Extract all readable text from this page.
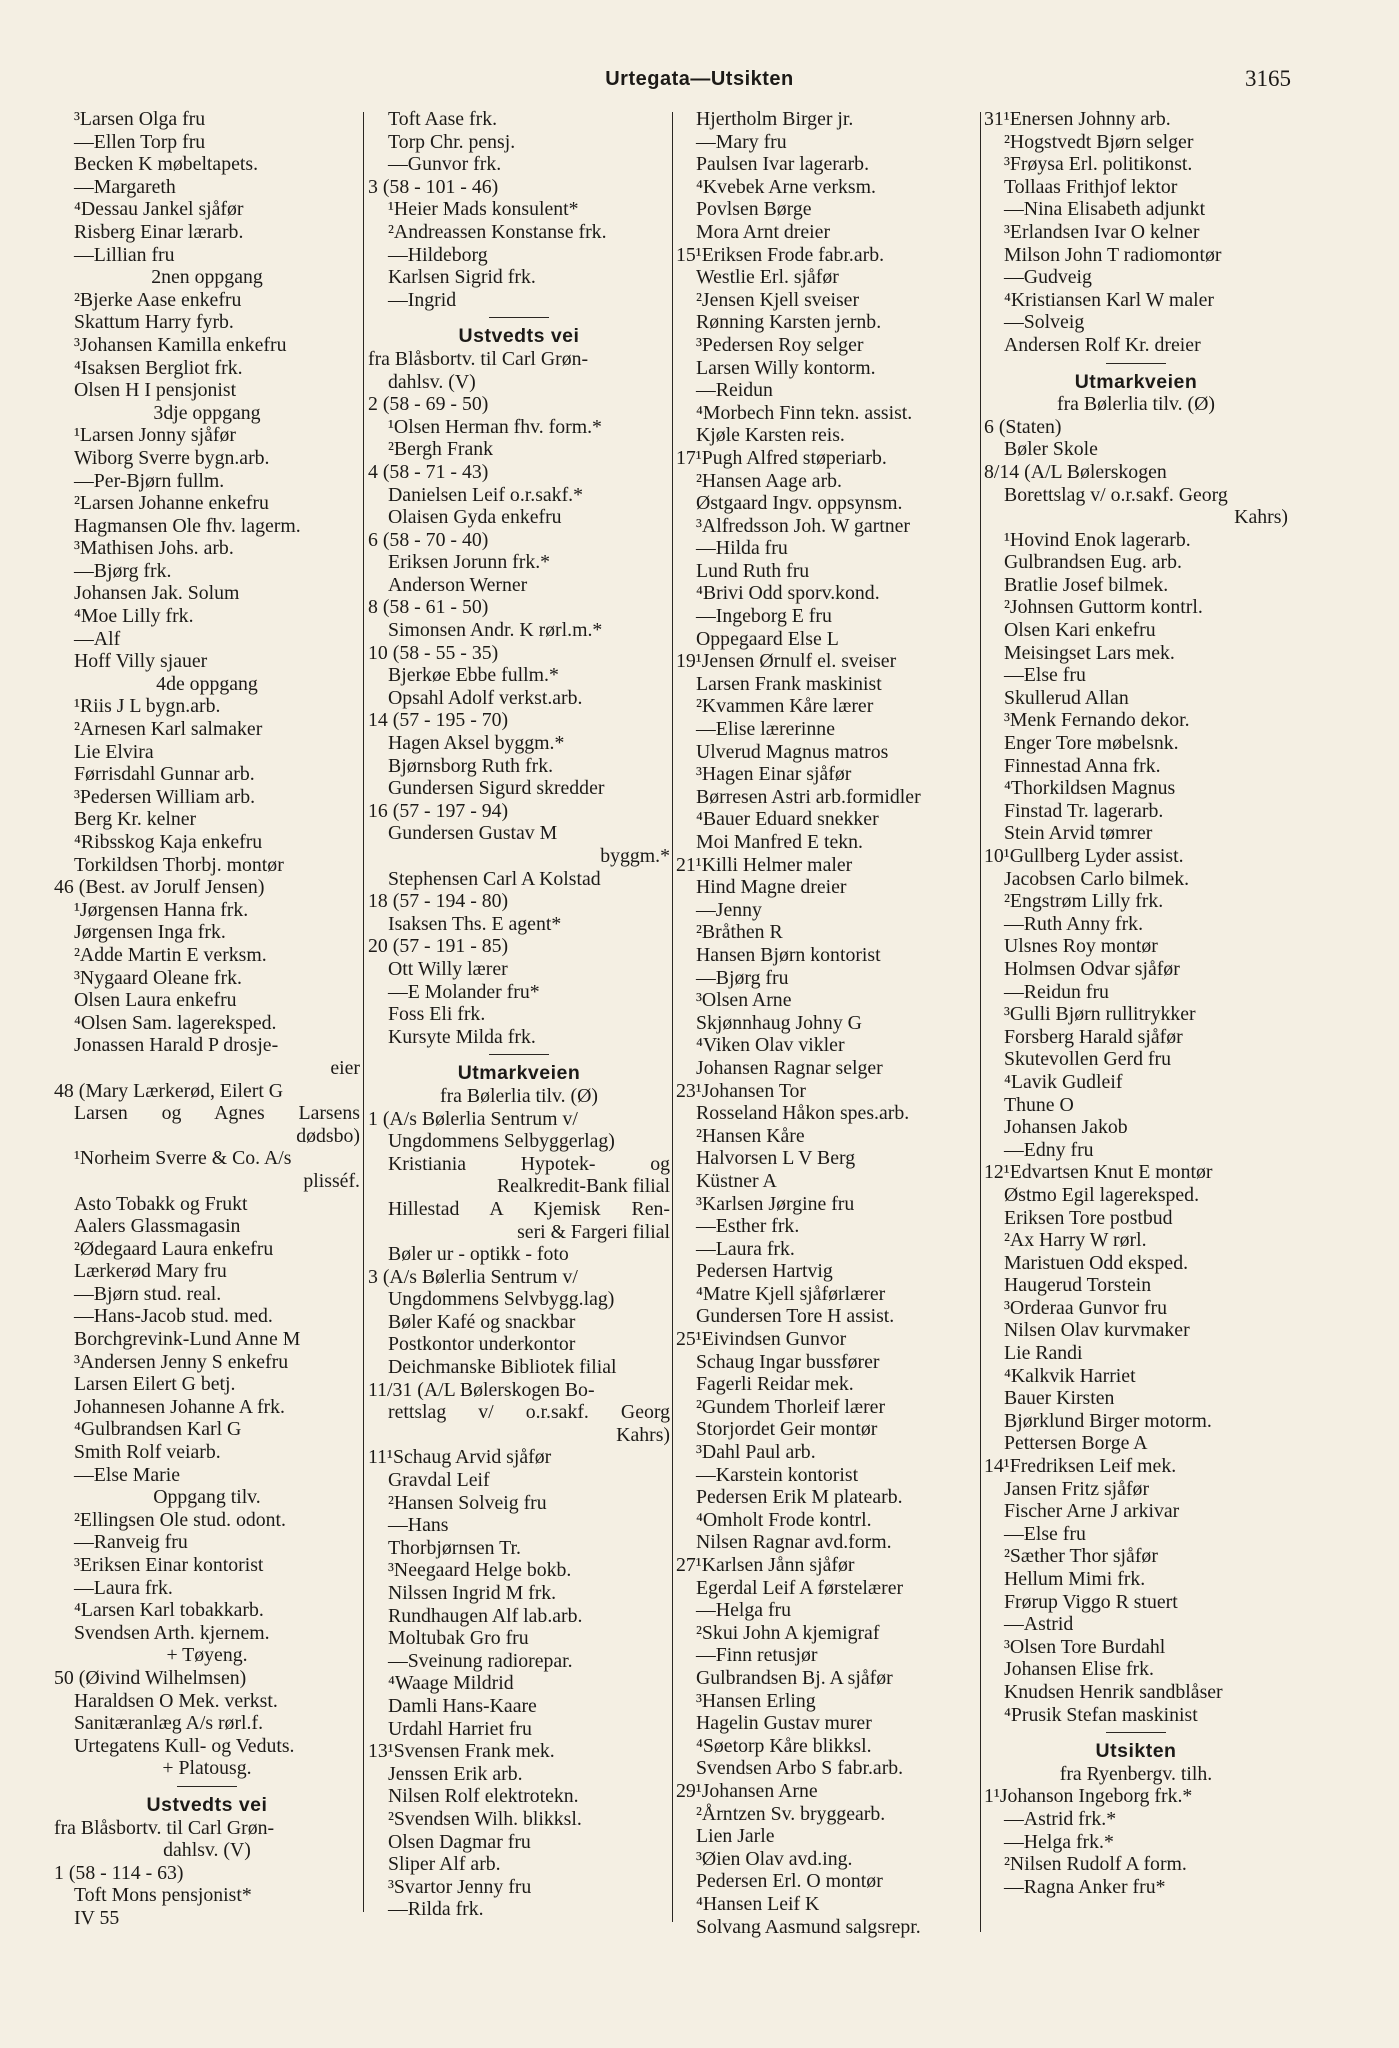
Urtegata—Utsikten	3165
³Larsen Olga fru
—Ellen Torp fru
Becken K møbeltapets.
—Margareth
⁴Dessau Jankel sjåfør
Risberg Einar lærarb.
—Lillian fru
2nen oppgang
²Bjerke Aase enkefru
Skattum Harry fyrb.
³Johansen Kamilla enkefru
⁴Isaksen Bergliot frk.
Olsen H I pensjonist
3dje oppgang
¹Larsen Jonny sjåfør
Wiborg Sverre bygn.arb.
—Per-Bjørn fullm.
²Larsen Johanne enkefru
Hagmansen Ole fhv. lagerm.
³Mathisen Johs. arb.
—Bjørg frk.
Johansen Jak. Solum
⁴Moe Lilly frk.
—Alf
Hoff Villy sjauer
4de oppgang
¹Riis J L bygn.arb.
²Arnesen Karl salmaker
Lie Elvira
Førrisdahl Gunnar arb.
³Pedersen William arb.
Berg Kr. kelner
⁴Ribsskog Kaja enkefru
Torkildsen Thorbj. montør
46 (Best. av Jorulf Jensen)
¹Jørgensen Hanna frk.
Jørgensen Inga frk.
²Adde Martin E verksm.
³Nygaard Oleane frk.
Olsen Laura enkefru
⁴Olsen Sam. lagereksped.
Jonassen Harald P drosje-
eier
48 (Mary Lærkerød, Eilert G
Larsen og Agnes Larsens
dødsbo)
¹Norheim Sverre & Co. A/s
plisséf.
Asto Tobakk og Frukt
Aalers Glassmagasin
²Ødegaard Laura enkefru
Lærkerød Mary fru
—Bjørn stud. real.
—Hans-Jacob stud. med.
Borchgrevink-Lund Anne M
³Andersen Jenny S enkefru
Larsen Eilert G betj.
Johannesen Johanne A frk.
⁴Gulbrandsen Karl G
Smith Rolf veiarb.
—Else Marie
Oppgang tilv.
²Ellingsen Ole stud. odont.
—Ranveig fru
³Eriksen Einar kontorist
—Laura frk.
⁴Larsen Karl tobakkarb.
Svendsen Arth. kjernem.
+ Tøyeng.
50 (Øivind Wilhelmsen)
Haraldsen O Mek. verkst.
Sanitæranlæg A/s rørl.f.
Urtegatens Kull- og Veduts.
+ Platousg.
Ustvedts vei
fra Blåsbortv. til Carl Grøn-
dahlsv. (V)
1 (58 - 114 - 63)
Toft Mons pensjonist*
IV 55
Toft Aase frk.
Torp Chr. pensj.
—Gunvor frk.
3 (58 - 101 - 46)
¹Heier Mads konsulent*
²Andreassen Konstanse frk.
—Hildeborg
Karlsen Sigrid frk.
—Ingrid
Ustvedts vei
fra Blåsbortv. til Carl Grøn-
dahlsv. (V)
2 (58 - 69 - 50)
¹Olsen Herman fhv. form.*
²Bergh Frank
4 (58 - 71 - 43)
Danielsen Leif o.r.sakf.*
Olaisen Gyda enkefru
6 (58 - 70 - 40)
Eriksen Jorunn frk.*
Anderson Werner
8 (58 - 61 - 50)
Simonsen Andr. K rørl.m.*
10 (58 - 55 - 35)
Bjerkøe Ebbe fullm.*
Opsahl Adolf verkst.arb.
14 (57 - 195 - 70)
Hagen Aksel byggm.*
Bjørnsborg Ruth frk.
Gundersen Sigurd skredder
16 (57 - 197 - 94)
Gundersen Gustav M
byggm.*
Stephensen Carl A Kolstad
18 (57 - 194 - 80)
Isaksen Ths. E agent*
20 (57 - 191 - 85)
Ott Willy lærer
—E Molander fru*
Foss Eli frk.
Kursyte Milda frk.
Utmarkveien
fra Bølerlia tilv. (Ø)
1 (A/s Bølerlia Sentrum v/
Ungdommens Selbyggerlag)
Kristiania Hypotek- og
Realkredit-Bank filial
Hillestad A Kjemisk Ren-
seri & Fargeri filial
Bøler ur - optikk - foto
3 (A/s Bølerlia Sentrum v/
Ungdommens Selvbygg.lag)
Bøler Kafé og snackbar
Postkontor underkontor
Deichmanske Bibliotek filial
11/31 (A/L Bølerskogen Bo-
rettslag v/ o.r.sakf. Georg
Kahrs)
11¹Schaug Arvid sjåfør
Gravdal Leif
²Hansen Solveig fru
—Hans
Thorbjørnsen Tr.
³Neegaard Helge bokb.
Nilssen Ingrid M frk.
Rundhaugen Alf lab.arb.
Moltubak Gro fru
—Sveinung radiorepar.
⁴Waage Mildrid
Damli Hans-Kaare
Urdahl Harriet fru
13¹Svensen Frank mek.
Jenssen Erik arb.
Nilsen Rolf elektrotekn.
²Svendsen Wilh. blikksl.
Olsen Dagmar fru
Sliper Alf arb.
³Svartor Jenny fru
—Rilda frk.
Hjertholm Birger jr.
—Mary fru
Paulsen Ivar lagerarb.
⁴Kvebek Arne verksm.
Povlsen Børge
Mora Arnt dreier
15¹Eriksen Frode fabr.arb.
Westlie Erl. sjåfør
²Jensen Kjell sveiser
Rønning Karsten jernb.
³Pedersen Roy selger
Larsen Willy kontorm.
—Reidun
⁴Morbech Finn tekn. assist.
Kjøle Karsten reis.
17¹Pugh Alfred støperiarb.
²Hansen Aage arb.
Østgaard Ingv. oppsynsm.
³Alfredsson Joh. W gartner
—Hilda fru
Lund Ruth fru
⁴Brivi Odd sporv.kond.
—Ingeborg E fru
Oppegaard Else L
19¹Jensen Ørnulf el. sveiser
Larsen Frank maskinist
²Kvammen Kåre lærer
—Elise lærerinne
Ulverud Magnus matros
³Hagen Einar sjåfør
Børresen Astri arb.formidler
⁴Bauer Eduard snekker
Moi Manfred E tekn.
21¹Killi Helmer maler
Hind Magne dreier
—Jenny
²Bråthen R
Hansen Bjørn kontorist
—Bjørg fru
³Olsen Arne
Skjønnhaug Johny G
⁴Viken Olav vikler
Johansen Ragnar selger
23¹Johansen Tor
Rosseland Håkon spes.arb.
²Hansen Kåre
Halvorsen L V Berg
Küstner A
³Karlsen Jørgine fru
—Esther frk.
—Laura frk.
Pedersen Hartvig
⁴Matre Kjell sjåførlærer
Gundersen Tore H assist.
25¹Eivindsen Gunvor
Schaug Ingar bussfører
Fagerli Reidar mek.
²Gundem Thorleif lærer
Storjordet Geir montør
³Dahl Paul arb.
—Karstein kontorist
Pedersen Erik M platearb.
⁴Omholt Frode kontrl.
Nilsen Ragnar avd.form.
27¹Karlsen Jånn sjåfør
Egerdal Leif A førstelærer
—Helga fru
²Skui John A kjemigraf
—Finn retusjør
Gulbrandsen Bj. A sjåfør
³Hansen Erling
Hagelin Gustav murer
⁴Søetorp Kåre blikksl.
Svendsen Arbo S fabr.arb.
29¹Johansen Arne
²Årntzen Sv. bryggearb.
Lien Jarle
³Øien Olav avd.ing.
Pedersen Erl. O montør
⁴Hansen Leif K
Solvang Aasmund salgsrepr.
31¹Enersen Johnny arb.
²Hogstvedt Bjørn selger
³Frøysa Erl. politikonst.
Tollaas Frithjof lektor
—Nina Elisabeth adjunkt
³Erlandsen Ivar O kelner
Milson John T radiomontør
—Gudveig
⁴Kristiansen Karl W maler
—Solveig
Andersen Rolf Kr. dreier
Utmarkveien
fra Bølerlia tilv. (Ø)
6 (Staten)
Bøler Skole
8/14 (A/L Bølerskogen
Borettslag v/ o.r.sakf. Georg
Kahrs)
¹Hovind Enok lagerarb.
Gulbrandsen Eug. arb.
Bratlie Josef bilmek.
²Johnsen Guttorm kontrl.
Olsen Kari enkefru
Meisingset Lars mek.
—Else fru
Skullerud Allan
³Menk Fernando dekor.
Enger Tore møbelsnk.
Finnestad Anna frk.
⁴Thorkildsen Magnus
Finstad Tr. lagerarb.
Stein Arvid tømrer
10¹Gullberg Lyder assist.
Jacobsen Carlo bilmek.
²Engstrøm Lilly frk.
—Ruth Anny frk.
Ulsnes Roy montør
Holmsen Odvar sjåfør
—Reidun fru
³Gulli Bjørn rullitrykker
Forsberg Harald sjåfør
Skutevollen Gerd fru
⁴Lavik Gudleif
Thune O
Johansen Jakob
—Edny fru
12¹Edvartsen Knut E montør
Østmo Egil lagereksped.
Eriksen Tore postbud
²Ax Harry W rørl.
Maristuen Odd eksped.
Haugerud Torstein
³Orderaa Gunvor fru
Nilsen Olav kurvmaker
Lie Randi
⁴Kalkvik Harriet
Bauer Kirsten
Bjørklund Birger motorm.
Pettersen Borge A
14¹Fredriksen Leif mek.
Jansen Fritz sjåfør
Fischer Arne J arkivar
—Else fru
²Sæther Thor sjåfør
Hellum Mimi frk.
Frørup Viggo R stuert
—Astrid
³Olsen Tore Burdahl
Johansen Elise frk.
Knudsen Henrik sandblåser
⁴Prusik Stefan maskinist
Utsikten
fra Ryenbergv. tilh.
1¹Johanson Ingeborg frk.*
—Astrid frk.*
—Helga frk.*
²Nilsen Rudolf A form.
—Ragna Anker fru*
